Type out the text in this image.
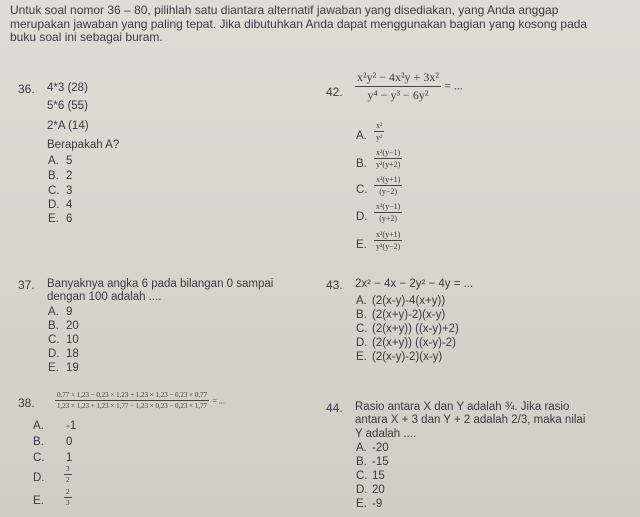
Untuk soal nomor 36 – 80, pilihlah satu diantara alternatif jawaban yang disediakan, yang Anda anggap
merupakan jawaban yang paling tepat. Jika dibutuhkan Anda dapat menggunakan bagian yang kosong pada
buku soal ini sebagai buram.
36. 4*3 (28)
5*6 (55)
2*A (14)
Berapakah A?
A. 5
B. 2
C. 3
D. 4
E. 6
42. $\frac{\text{x²y² − 4x²y + 3x²}}{\text{y⁴ − y³ − 6y²}}$ = ...
A. $\frac{\text{x²}}{\text{y²}}$
B. $\frac{\text{x²(y−1)}}{\text{y²(y+2)}}$
C. $\frac{\text{x²(y+1)}}{(y-2)}$
D. $\frac{\text{x²(y−1)}}{(y+2)}$
E. $\frac{\text{x²(y+1)}}{\text{y²(y−2)}}$
37. Banyaknya angka 6 pada bilangan 0 sampai
dengan 100 adalah ....
A. 9
B. 20
C. 10
D. 18
E. 19
43. 2x² − 4x − 2y² − 4y = ...
A. (2(x-y)-4(x+y))
B. (2(x+y)-2)(x-y)
C. (2(x+y)) ((x-y)+2)
D. (2(x+y)) ((x-y)-2)
E. (2(x-y)-2)(x-y)
38.	$\frac{0,77 \times 1,23 - 0,23 \times 1,23 + 1,23 \times 1,23 - 0,23 \times 0,77}{1,23 \times 1,23 + 1,23 \times 1,77 - 1,23 \times 0,23 - 0,23 \times 1,77}$ = ...
A. -1
B. 0
C. 1
D.	$\frac{3}{2}$
E.	$\frac{2}{3}$
44. Rasio antara X dan Y adalah ¾. Jika rasio
antara X + 3 dan Y + 2 adalah 2/3, maka nilai
Y adalah ....
A. -20
B. -15
C. 15
D. 20
E. -9
